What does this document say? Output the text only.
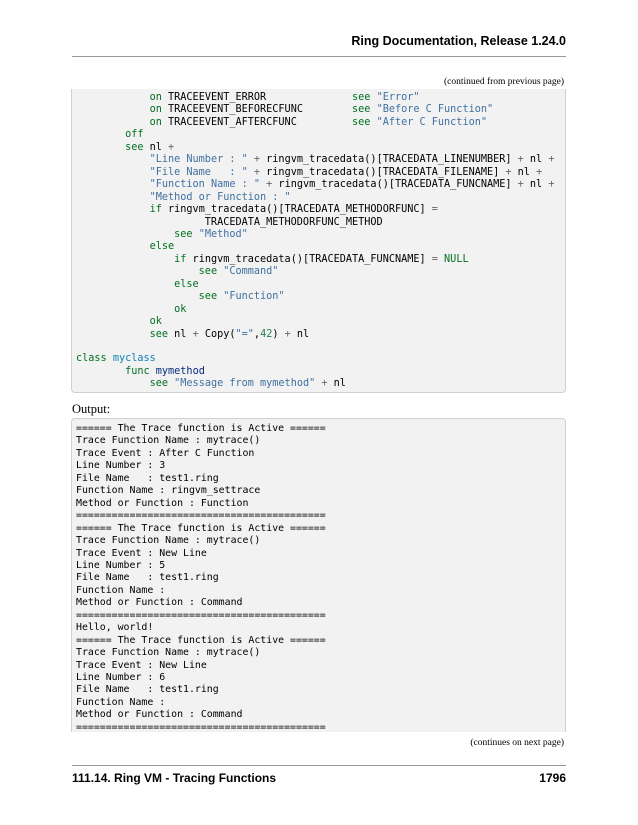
Ring Documentation, Release 1.24.0
(continued from previous page)
on TRACEEVENT_ERROR              see "Error"
on TRACEEVENT_BEFORECFUNC        see "Before C Function"
on TRACEEVENT_AFTERCFUNC         see "After C Function"
off
see nl +
"Line Number : " + ringvm_tracedata()[TRACEDATA_LINENUMBER] + nl +
"File Name   : " + ringvm_tracedata()[TRACEDATA_FILENAME] + nl +
"Function Name : " + ringvm_tracedata()[TRACEDATA_FUNCNAME] + nl +
"Method or Function : "
if ringvm_tracedata()[TRACEDATA_METHODORFUNC] =
TRACEDATA_METHODORFUNC_METHOD
see "Method"
else
if ringvm_tracedata()[TRACEDATA_FUNCNAME] = NULL
see "Command"
else
see "Function"
ok
ok
see nl + Copy("=",42) + nl
class myclass
func mymethod
see "Message from mymethod" + nl
Output:
====== The Trace function is Active ======
Trace Function Name : mytrace()
Trace Event : After C Function
Line Number : 3
File Name   : test1.ring
Function Name : ringvm_settrace
Method or Function : Function
==========================================
====== The Trace function is Active ======
Trace Function Name : mytrace()
Trace Event : New Line
Line Number : 5
File Name   : test1.ring
Function Name :
Method or Function : Command
==========================================
Hello, world!
====== The Trace function is Active ======
Trace Function Name : mytrace()
Trace Event : New Line
Line Number : 6
File Name   : test1.ring
Function Name :
Method or Function : Command
==========================================
(continues on next page)
111.14. Ring VM - Tracing Functions	1796
